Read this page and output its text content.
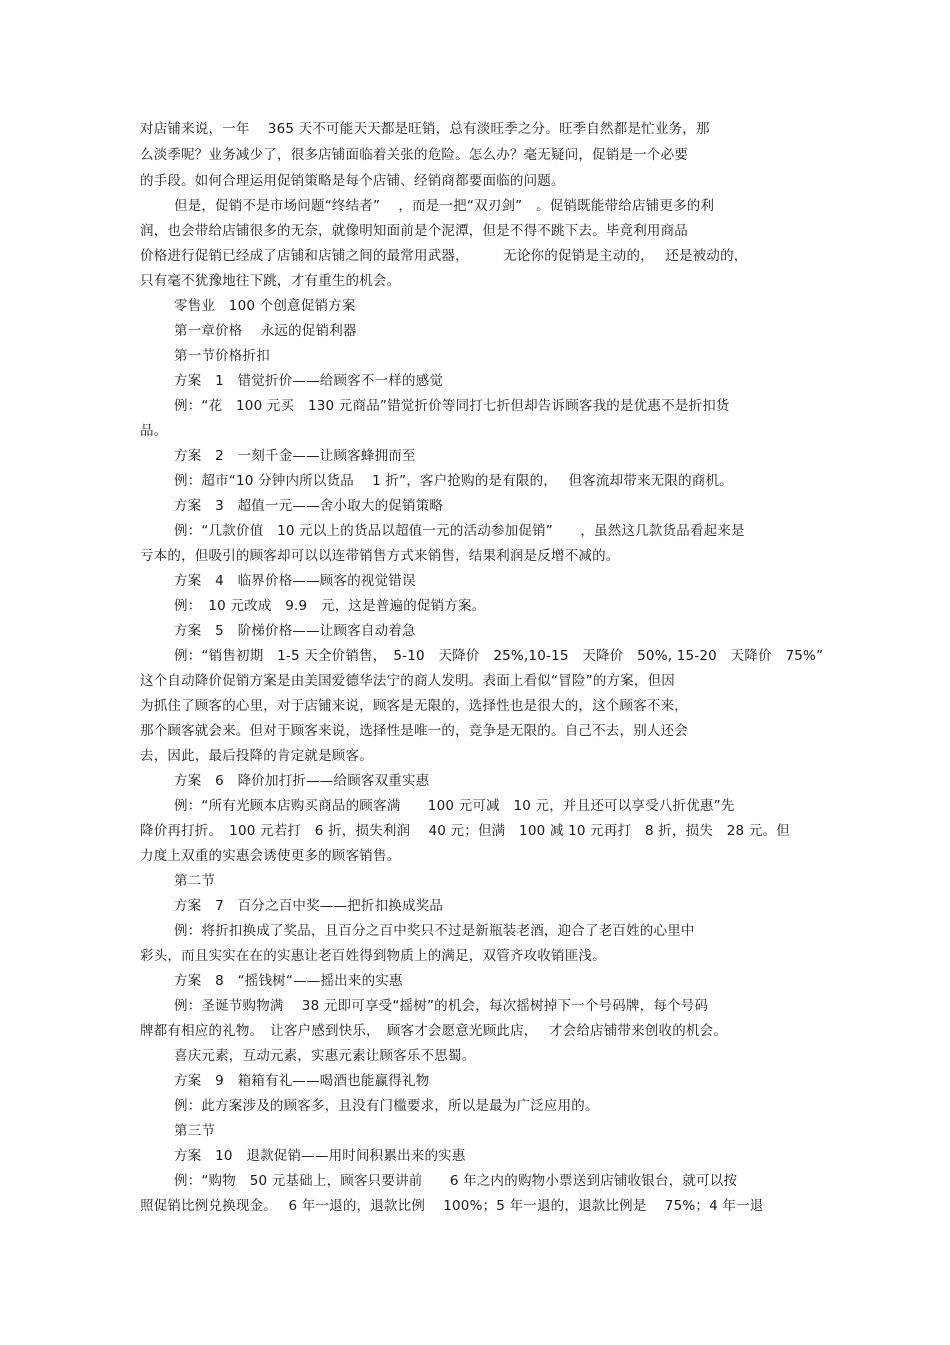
对店铺来说，一年　 365 天不可能天天都是旺销，总有淡旺季之分。旺季自然都是忙业务，那
么淡季呢？业务减少了，很多店铺面临着关张的危险。怎么办？毫无疑问，促销是一个必要
的手段。如何合理运用促销策略是每个店铺、经销商都要面临的问题。
但是，促销不是市场问题“终结者”　 ，而是一把“双刃剑”　。促销既能带给店铺更多的利
润，也会带给店铺很多的无奈，就像明知面前是个泥潭，但是不得不跳下去。毕竟利用商品
价格进行促销已经成了店铺和店铺之间的最常用武器，　　　无论你的促销是主动的，　 还是被动的，
只有毫不犹豫地往下跳，才有重生的机会。
零售业　100 个创意促销方案
第一章价格　 永远的促销利器
第一节价格折扣
方案　1　错觉折价——给顾客不一样的感觉
例：“花　100 元买　130 元商品”错觉折价等同打七折但却告诉顾客我的是优惠不是折扣货
品。
方案　2　一刻千金——让顾客蜂拥而至
例：超市“10 分钟内所以货品　 1 折”，客户抢购的是有限的，　 但客流却带来无限的商机。
方案　3　超值一元——舍小取大的促销策略
例：“几款价值　10 元以上的货品以超值一元的活动参加促销”　　，虽然这几款货品看起来是
亏本的，但吸引的顾客却可以以连带销售方式来销售，结果利润是反增不减的。
方案　4　临界价格——顾客的视觉错误
例：　10 元改成　9.9　元，这是普遍的促销方案。
方案　5　阶梯价格——让顾客自动着急
例：“销售初期　1-5 天全价销售，　5-10　天降价　25%,10-15　天降价　50%, 15-20　天降价　75%”
这个自动降价促销方案是由美国爱德华法宁的商人发明。表面上看似“冒险”的方案，但因
为抓住了顾客的心里，对于店铺来说，顾客是无限的，选择性也是很大的，这个顾客不来，
那个顾客就会来。但对于顾客来说，选择性是唯一的，竞争是无限的。自己不去，别人还会
去，因此，最后投降的肯定就是顾客。
方案　6　降价加打折——给顾客双重实惠
例：“所有光顾本店购买商品的顾客满　　100 元可减　10 元，并且还可以享受八折优惠”先
降价再打折。　100 元若打　6 折，损失利润　 40 元；但满　100 减 10 元再打　8 折，损失　28 元。但
力度上双重的实惠会诱使更多的顾客销售。
第二节
方案　7　百分之百中奖——把折扣换成奖品
例：将折扣换成了奖品，且百分之百中奖只不过是新瓶装老酒，迎合了老百姓的心里中
彩头，而且实实在在的实惠让老百姓得到物质上的满足，双管齐攻收销匪浅。
方案　8　“摇钱树“——摇出来的实惠
例：圣诞节购物满　 38 元即可享受“摇树”的机会，每次摇树掉下一个号码牌，每个号码
牌都有相应的礼物。　让客户感到快乐，　顾客才会愿意光顾此店，　 才会给店铺带来创收的机会。
喜庆元素，互动元素，实惠元素让顾客乐不思蜀。
方案　9　箱箱有礼——喝酒也能赢得礼物
例：此方案涉及的顾客多，且没有门槛要求，所以是最为广泛应用的。
第三节
方案　10　退款促销——用时间积累出来的实惠
例：“购物　50 元基础上，顾客只要讲前　　6 年之内的购物小票送到店铺收银台，就可以按
照促销比例兑换现金。　 6 年一退的，退款比例　 100%；5 年一退的，退款比例是　 75%；4 年一退
